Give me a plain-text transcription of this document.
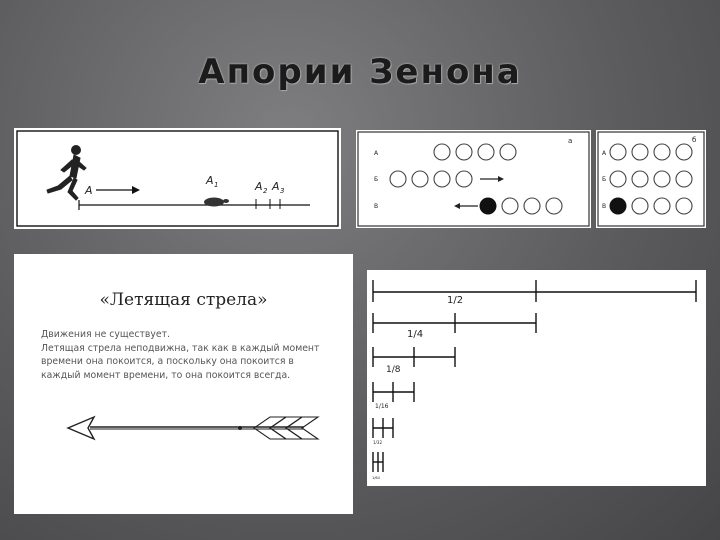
Апории Зенона
A
A 1	A 2 A 3
а
А
Б
В
б
А
Б
В
«Летящая стрела»
Движения не существует.
Летящая стрела неподвижна, так как в каждый момент
времени она покоится, а поскольку она покоится в
каждый момент времени, то она покоится всегда.
1/2
1/4
1/8
1/16
1/32
1/64
